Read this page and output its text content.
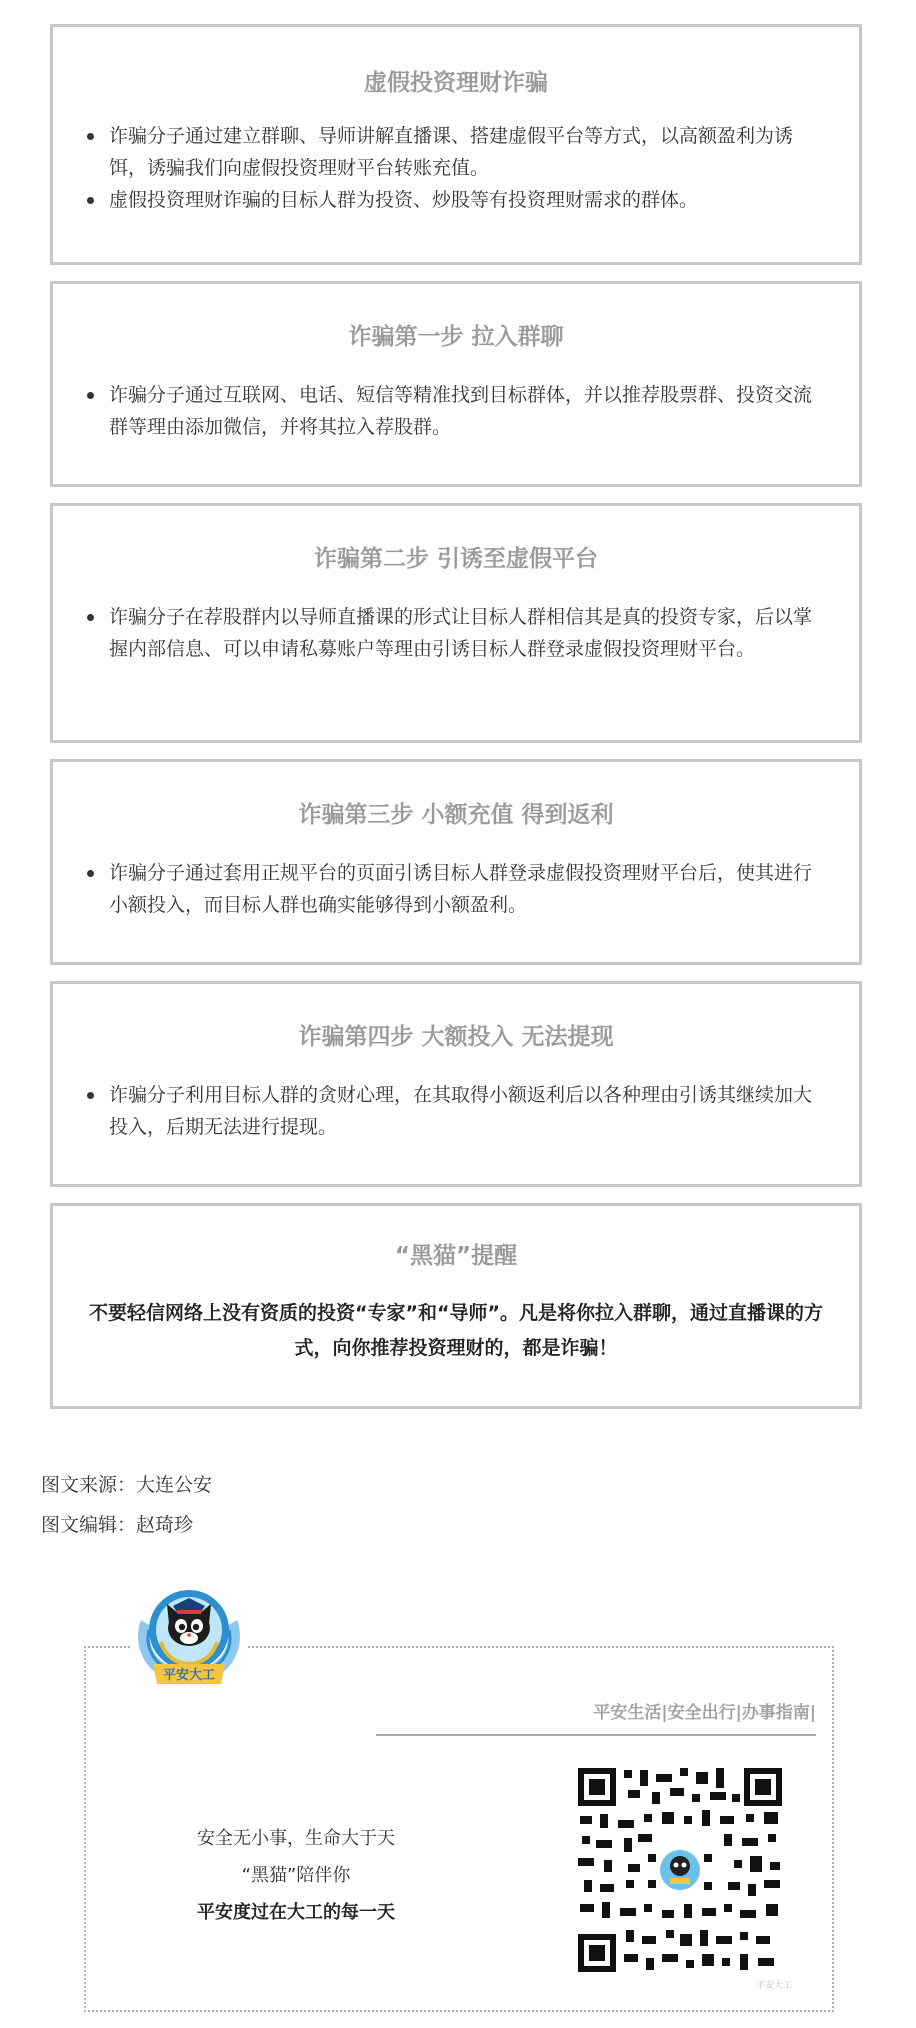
虚假投资理财诈骗
诈骗分子通过建立群聊、导师讲解直播课、搭建虚假平台等方式，以高额盈利为诱饵，诱骗我们向虚假投资理财平台转账充值。
虚假投资理财诈骗的目标人群为投资、炒股等有投资理财需求的群体。
诈骗第一步 拉入群聊
诈骗分子通过互联网、电话、短信等精准找到目标群体，并以推荐股票群、投资交流群等理由添加微信，并将其拉入荐股群。
诈骗第二步 引诱至虚假平台
诈骗分子在荐股群内以导师直播课的形式让目标人群相信其是真的投资专家，后以掌握内部信息、可以申请私募账户等理由引诱目标人群登录虚假投资理财平台。
诈骗第三步 小额充值 得到返利
诈骗分子通过套用正规平台的页面引诱目标人群登录虚假投资理财平台后，使其进行小额投入，而目标人群也确实能够得到小额盈利。
诈骗第四步 大额投入 无法提现
诈骗分子利用目标人群的贪财心理，在其取得小额返利后以各种理由引诱其继续加大投入，后期无法进行提现。
“黑猫”提醒

不要轻信网络上没有资质的投资“专家”和“导师”。凡是将你拉入群聊，通过直播课的方式，向你推荐投资理财的，都是诈骗！

图文来源：大连公安
图文编辑：赵琦珍
平安生活|安全出行|办事指南|
安全无小事，生命大于天
“黑猫”陪伴你
平安度过在大工的每一天
平安大工
平安大工
